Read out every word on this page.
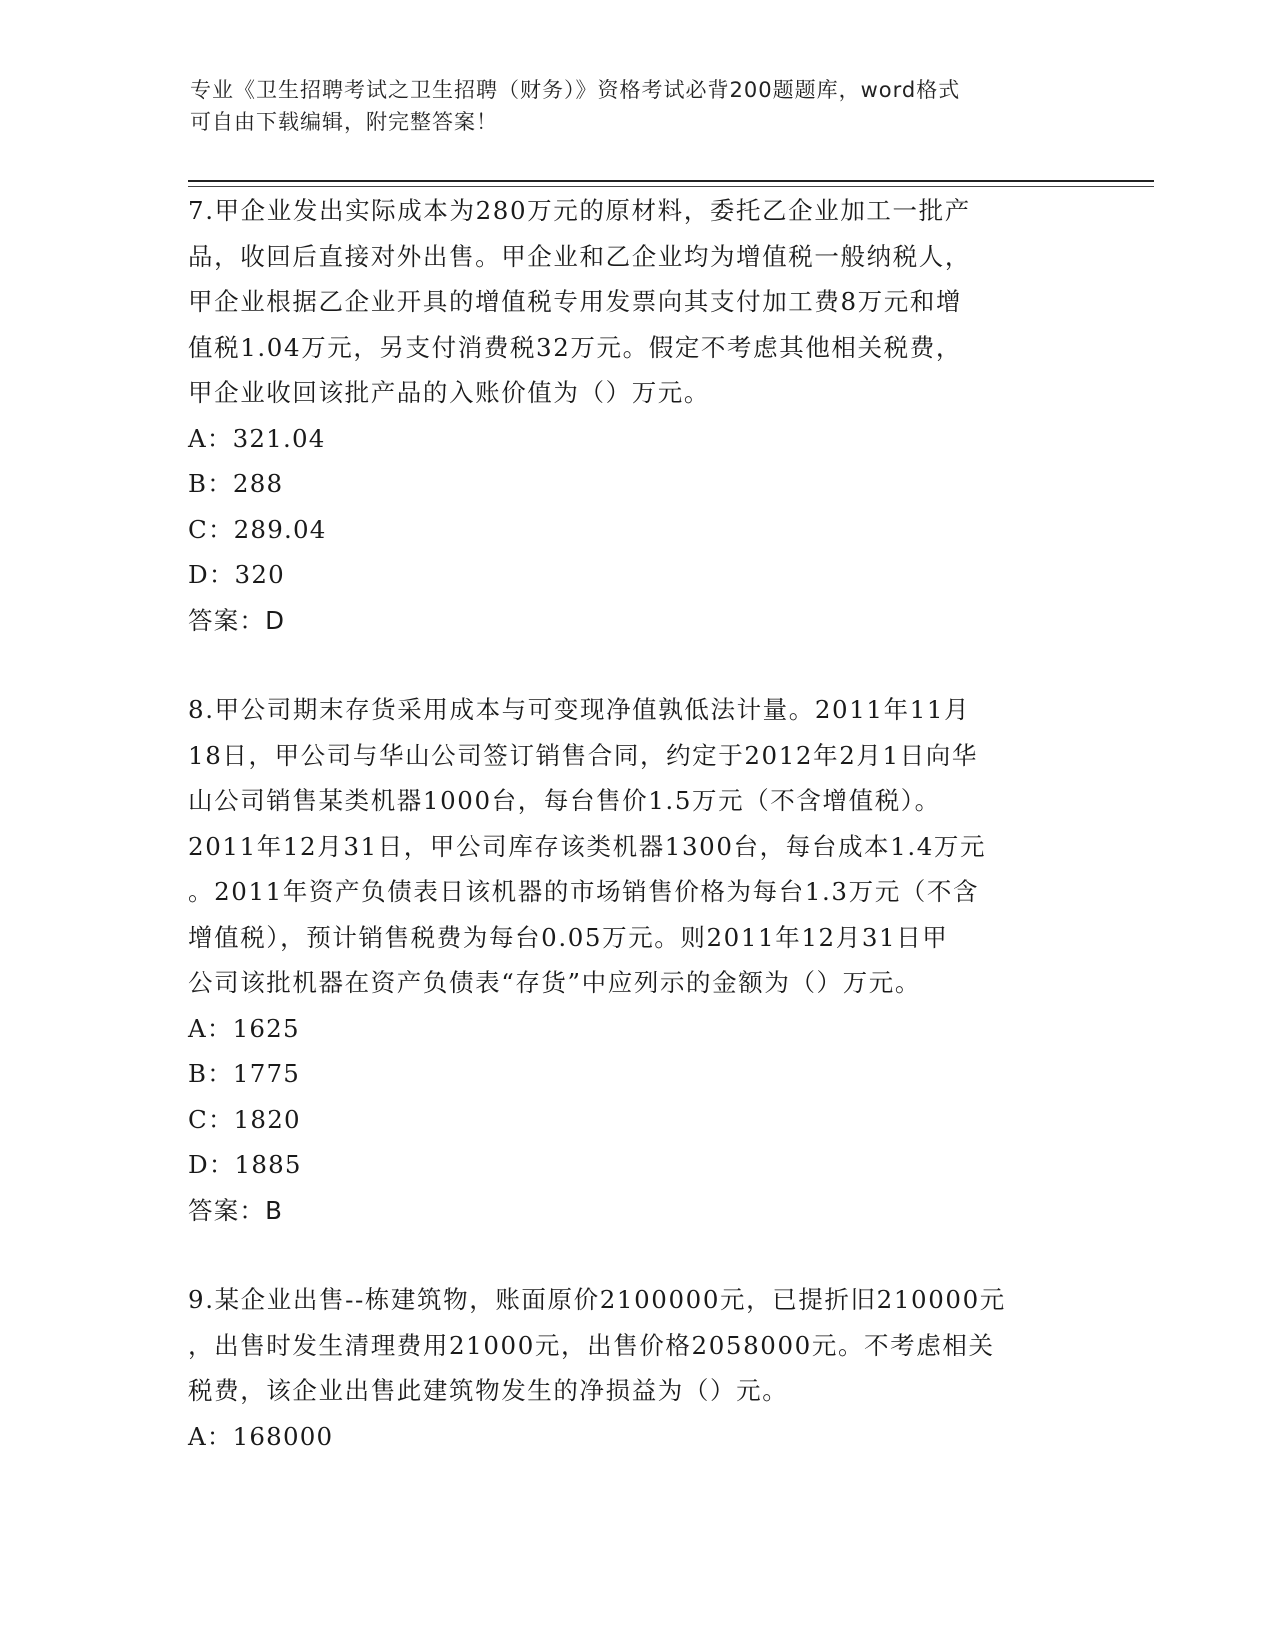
专业《卫生招聘考试之卫生招聘（财务）》资格考试必背200题题库，word格式
可自由下载编辑，附完整答案！
7.甲企业发出实际成本为280万元的原材料，委托乙企业加工一批产
品，收回后直接对外出售。甲企业和乙企业均为增值税一般纳税人，
甲企业根据乙企业开具的增值税专用发票向其支付加工费8万元和增
值税1.04万元，另支付消费税32万元。假定不考虑其他相关税费，
甲企业收回该批产品的入账价值为（）万元。
A：321.04
B：288
C：289.04
D：320
答案：D
8.甲公司期末存货采用成本与可变现净值孰低法计量。2011年11月
18日，甲公司与华山公司签订销售合同，约定于2012年2月1日向华
山公司销售某类机器1000台，每台售价1.5万元（不含增值税）。
2011年12月31日，甲公司库存该类机器1300台，每台成本1.4万元
。2011年资产负债表日该机器的市场销售价格为每台1.3万元（不含
增值税），预计销售税费为每台0.05万元。则2011年12月31日甲
公司该批机器在资产负债表“存货”中应列示的金额为（）万元。
A：1625
B：1775
C：1820
D：1885
答案：B
9.某企业出售--栋建筑物，账面原价2100000元，已提折旧210000元
，出售时发生清理费用21000元，出售价格2058000元。不考虑相关
税费，该企业出售此建筑物发生的净损益为（）元。
A：168000
